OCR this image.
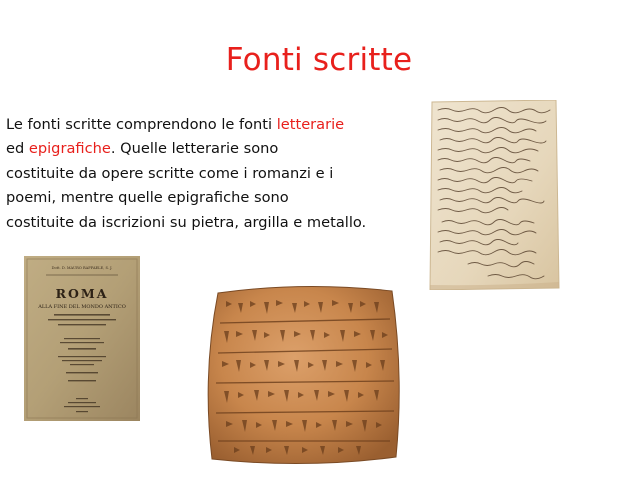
Fonti scritte

Le fonti scritte comprendono le fonti letterarie

ed epigrafiche. Quelle letterarie sono

costituite da opere scritte come i romanzi e i

poemi, mentre quelle epigrafiche sono

costituite da iscrizioni su pietra, argilla e metallo.

Dott. D. MAURO RAFFAELE, S. J.
ROMA
ALLA FINE DEL MONDO ANTICO
